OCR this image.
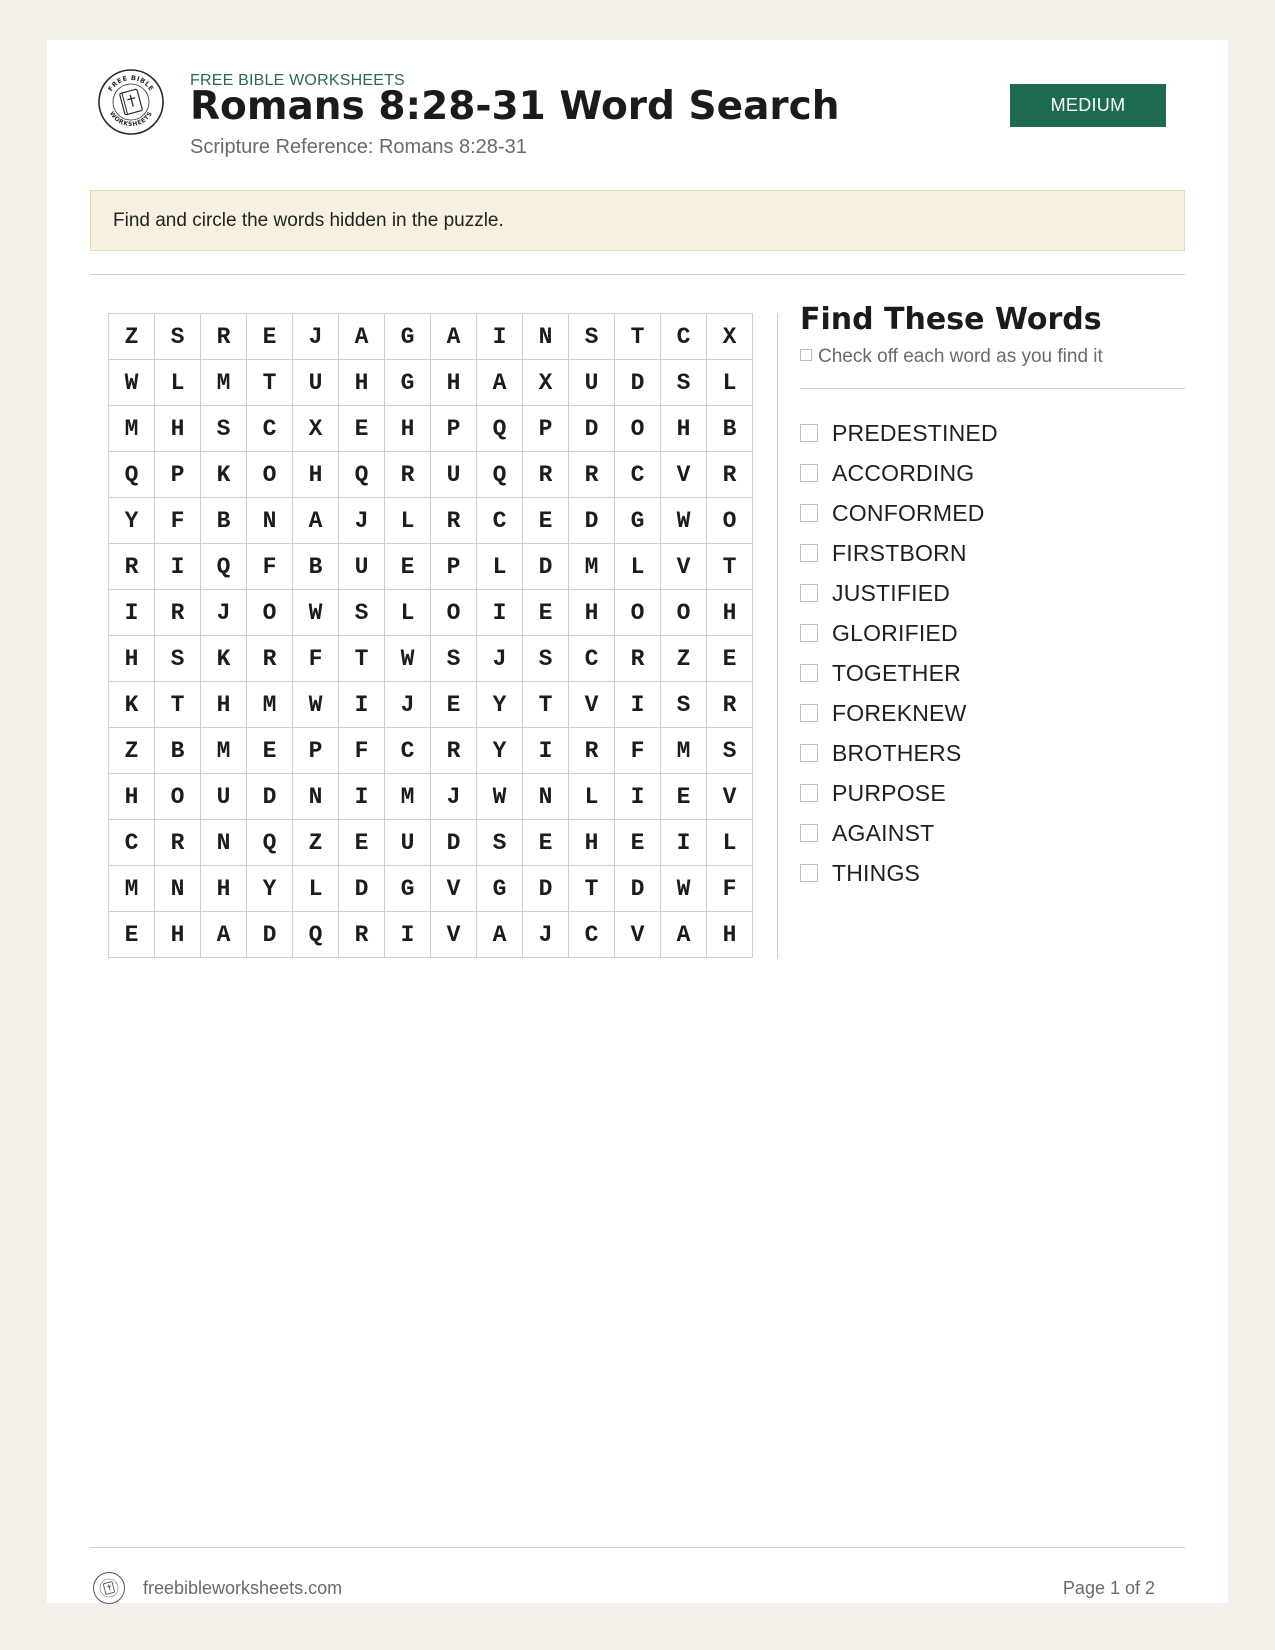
FREE BIBLE
WORKSHEETS
FREE BIBLE WORKSHEETS
Romans 8:28-31 Word Search
Scripture Reference: Romans 8:28-31
MEDIUM
Find and circle the words hidden in the puzzle.
Z	S	R	E	J	A	G	A	I	N	S	T	C	X
W	L	M	T	U	H	G	H	A	X	U	D	S	L
M	H	S	C	X	E	H	P	Q	P	D	O	H	B
Q	P	K	O	H	Q	R	U	Q	R	R	C	V	R
Y	F	B	N	A	J	L	R	C	E	D	G	W	O
R	I	Q	F	B	U	E	P	L	D	M	L	V	T
I	R	J	O	W	S	L	O	I	E	H	O	O	H
H	S	K	R	F	T	W	S	J	S	C	R	Z	E
K	T	H	M	W	I	J	E	Y	T	V	I	S	R
Z	B	M	E	P	F	C	R	Y	I	R	F	M	S
H	O	U	D	N	I	M	J	W	N	L	I	E	V
C	R	N	Q	Z	E	U	D	S	E	H	E	I	L
M	N	H	Y	L	D	G	V	G	D	T	D	W	F
E	H	A	D	Q	R	I	V	A	J	C	V	A	H
Find These Words
Check off each word as you find it
PREDESTINED
ACCORDING
CONFORMED
FIRSTBORN
JUSTIFIED
GLORIFIED
TOGETHER
FOREKNEW
BROTHERS
PURPOSE
AGAINST
THINGS
freebibleworksheets.com	Page 1 of 2
